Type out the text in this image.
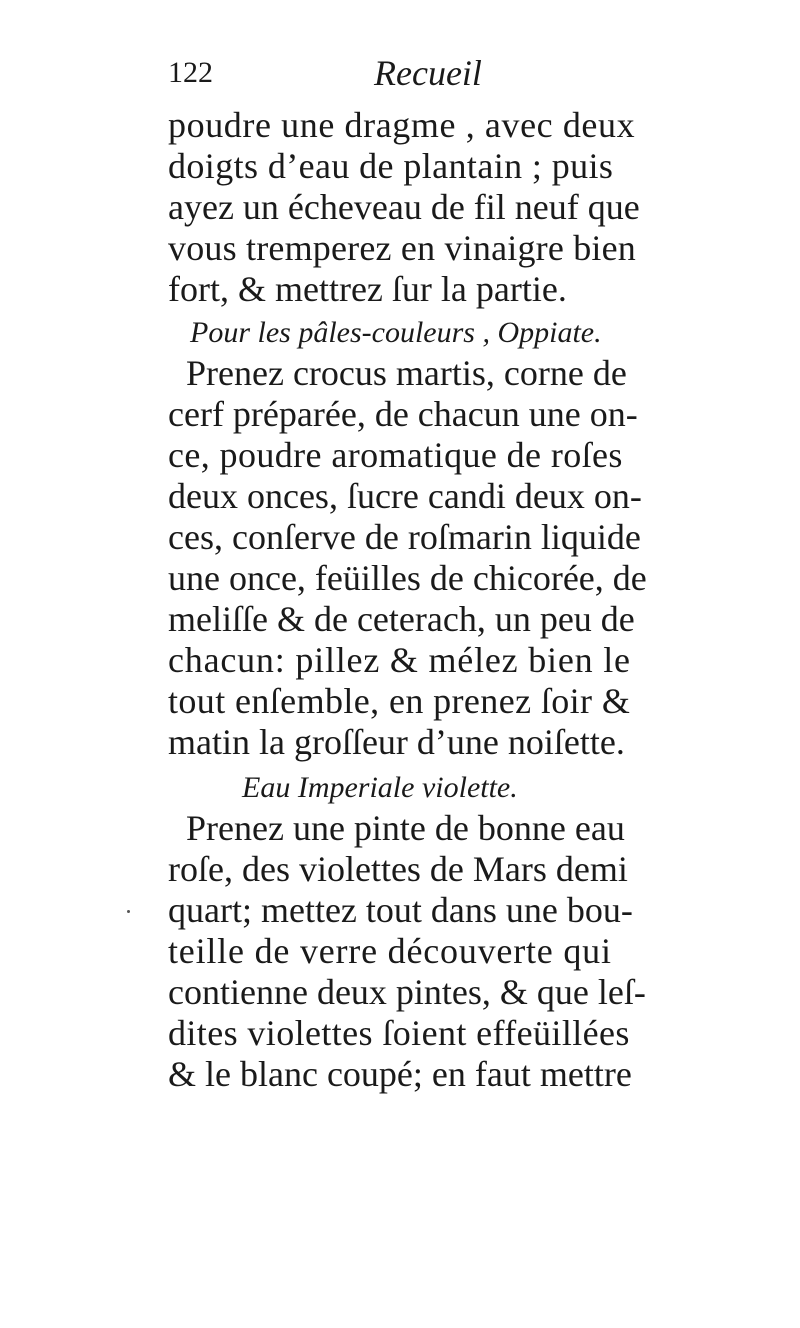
122	Recueil
poudre une dragme , avec deux
doigts d’eau de plantain ; puis
ayez un écheveau de fil neuf que
vous tremperez en vinaigre bien
fort, & mettrez ſur la partie.
Pour les pâles-couleurs , Oppiate.
Prenez crocus martis, corne de
cerf préparée, de chacun une on-
ce, poudre aromatique de roſes
deux onces, ſucre candi deux on-
ces, conſerve de roſmarin liquide
une once, feüilles de chicorée, de
meliſſe & de ceterach, un peu de
chacun: pillez & mélez bien le
tout enſemble, en prenez ſoir &
matin la groſſeur d’une noiſette.
Eau Imperiale violette.
Prenez une pinte de bonne eau
roſe, des violettes de Mars demi
quart; mettez tout dans une bou-
teille de verre découverte qui
contienne deux pintes, & que leſ-
dites violettes ſoient effeüillées
& le blanc coupé; en faut mettre
